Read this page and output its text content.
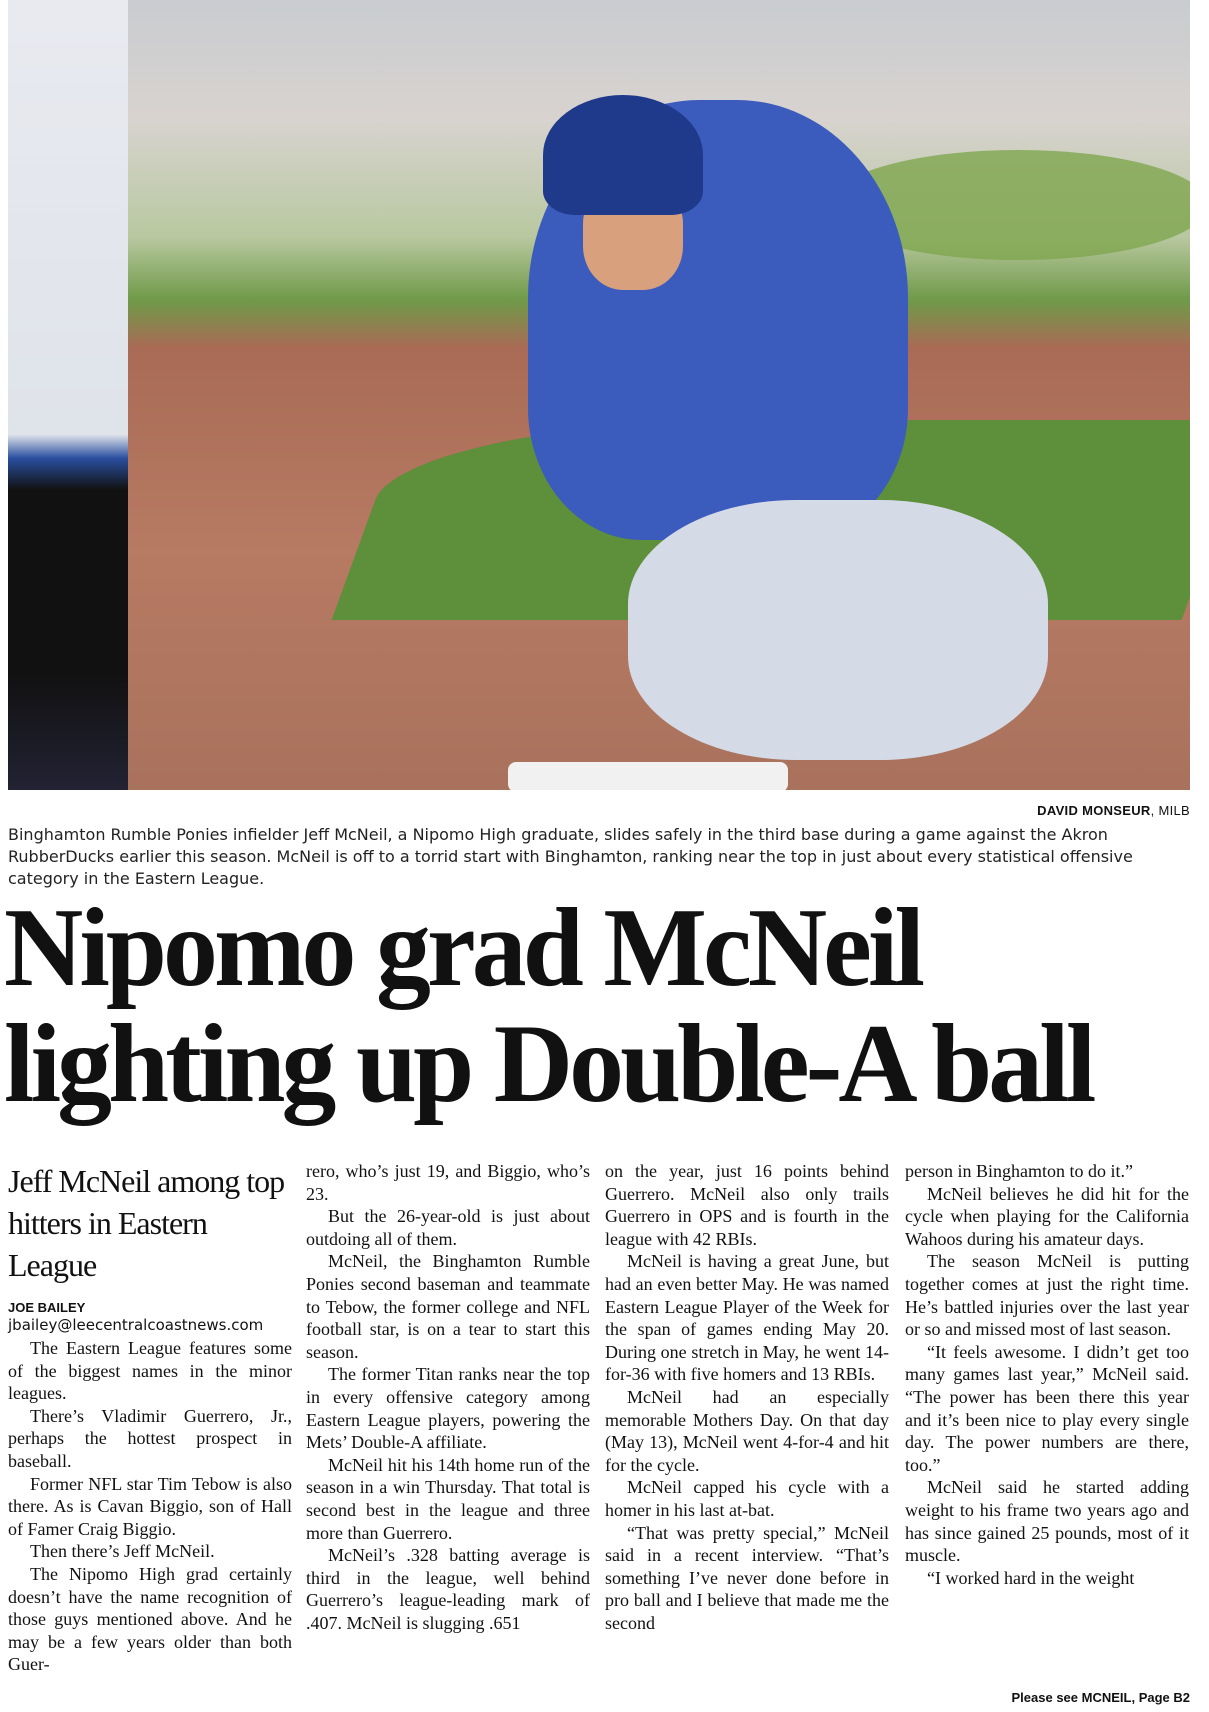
DAVID MONSEUR, MILB
Binghamton Rumble Ponies infielder Jeff McNeil, a Nipomo High graduate, slides safely in the third base during a game against the Akron RubberDucks earlier this season. McNeil is off to a torrid start with Binghamton, ranking near the top in just about every statistical offensive category in the Eastern League.
Nipomo grad McNeil
lighting up Double-A ball
Jeff McNeil among top hitters in Eastern League
JOE BAILEY
jbailey@leecentralcoastnews.com

The Eastern League features some of the biggest names in the minor leagues.

There’s Vladimir Guerrero, Jr., perhaps the hottest prospect in baseball.

Former NFL star Tim Tebow is also there. As is Cavan Biggio, son of Hall of Famer Craig Biggio.

Then there’s Jeff McNeil.

The Nipomo High grad certainly doesn’t have the name recognition of those guys mentioned above. And he may be a few years older than both Guer-

rero, who’s just 19, and Biggio, who’s 23.

But the 26-year-old is just about outdoing all of them.

McNeil, the Binghamton Rumble Ponies second baseman and teammate to Tebow, the former college and NFL football star, is on a tear to start this season.

The former Titan ranks near the top in every offensive category among Eastern League players, powering the Mets’ Double-A affiliate.

McNeil hit his 14th home run of the season in a win Thursday. That total is second best in the league and three more than Guerrero.

McNeil’s .328 batting average is third in the league, well behind Guerrero’s league-leading mark of .407. McNeil is slugging .651

on the year, just 16 points behind Guerrero. McNeil also only trails Guerrero in OPS and is fourth in the league with 42 RBIs.

McNeil is having a great June, but had an even better May. He was named Eastern League Player of the Week for the span of games ending May 20. During one stretch in May, he went 14-for-36 with five homers and 13 RBIs.

McNeil had an especially memorable Mothers Day. On that day (May 13), McNeil went 4-for-4 and hit for the cycle.

McNeil capped his cycle with a homer in his last at-bat.

“That was pretty special,” McNeil said in a recent interview. “That’s something I’ve never done before in pro ball and I believe that made me the second

person in Binghamton to do it.”

McNeil believes he did hit for the cycle when playing for the California Wahoos during his amateur days.

The season McNeil is putting together comes at just the right time. He’s battled injuries over the last year or so and missed most of last season.

“It feels awesome. I didn’t get too many games last year,” McNeil said. “The power has been there this year and it’s been nice to play every single day. The power numbers are there, too.”

McNeil said he started adding weight to his frame two years ago and has since gained 25 pounds, most of it muscle.

“I worked hard in the weight

Please see MCNEIL, Page B2
